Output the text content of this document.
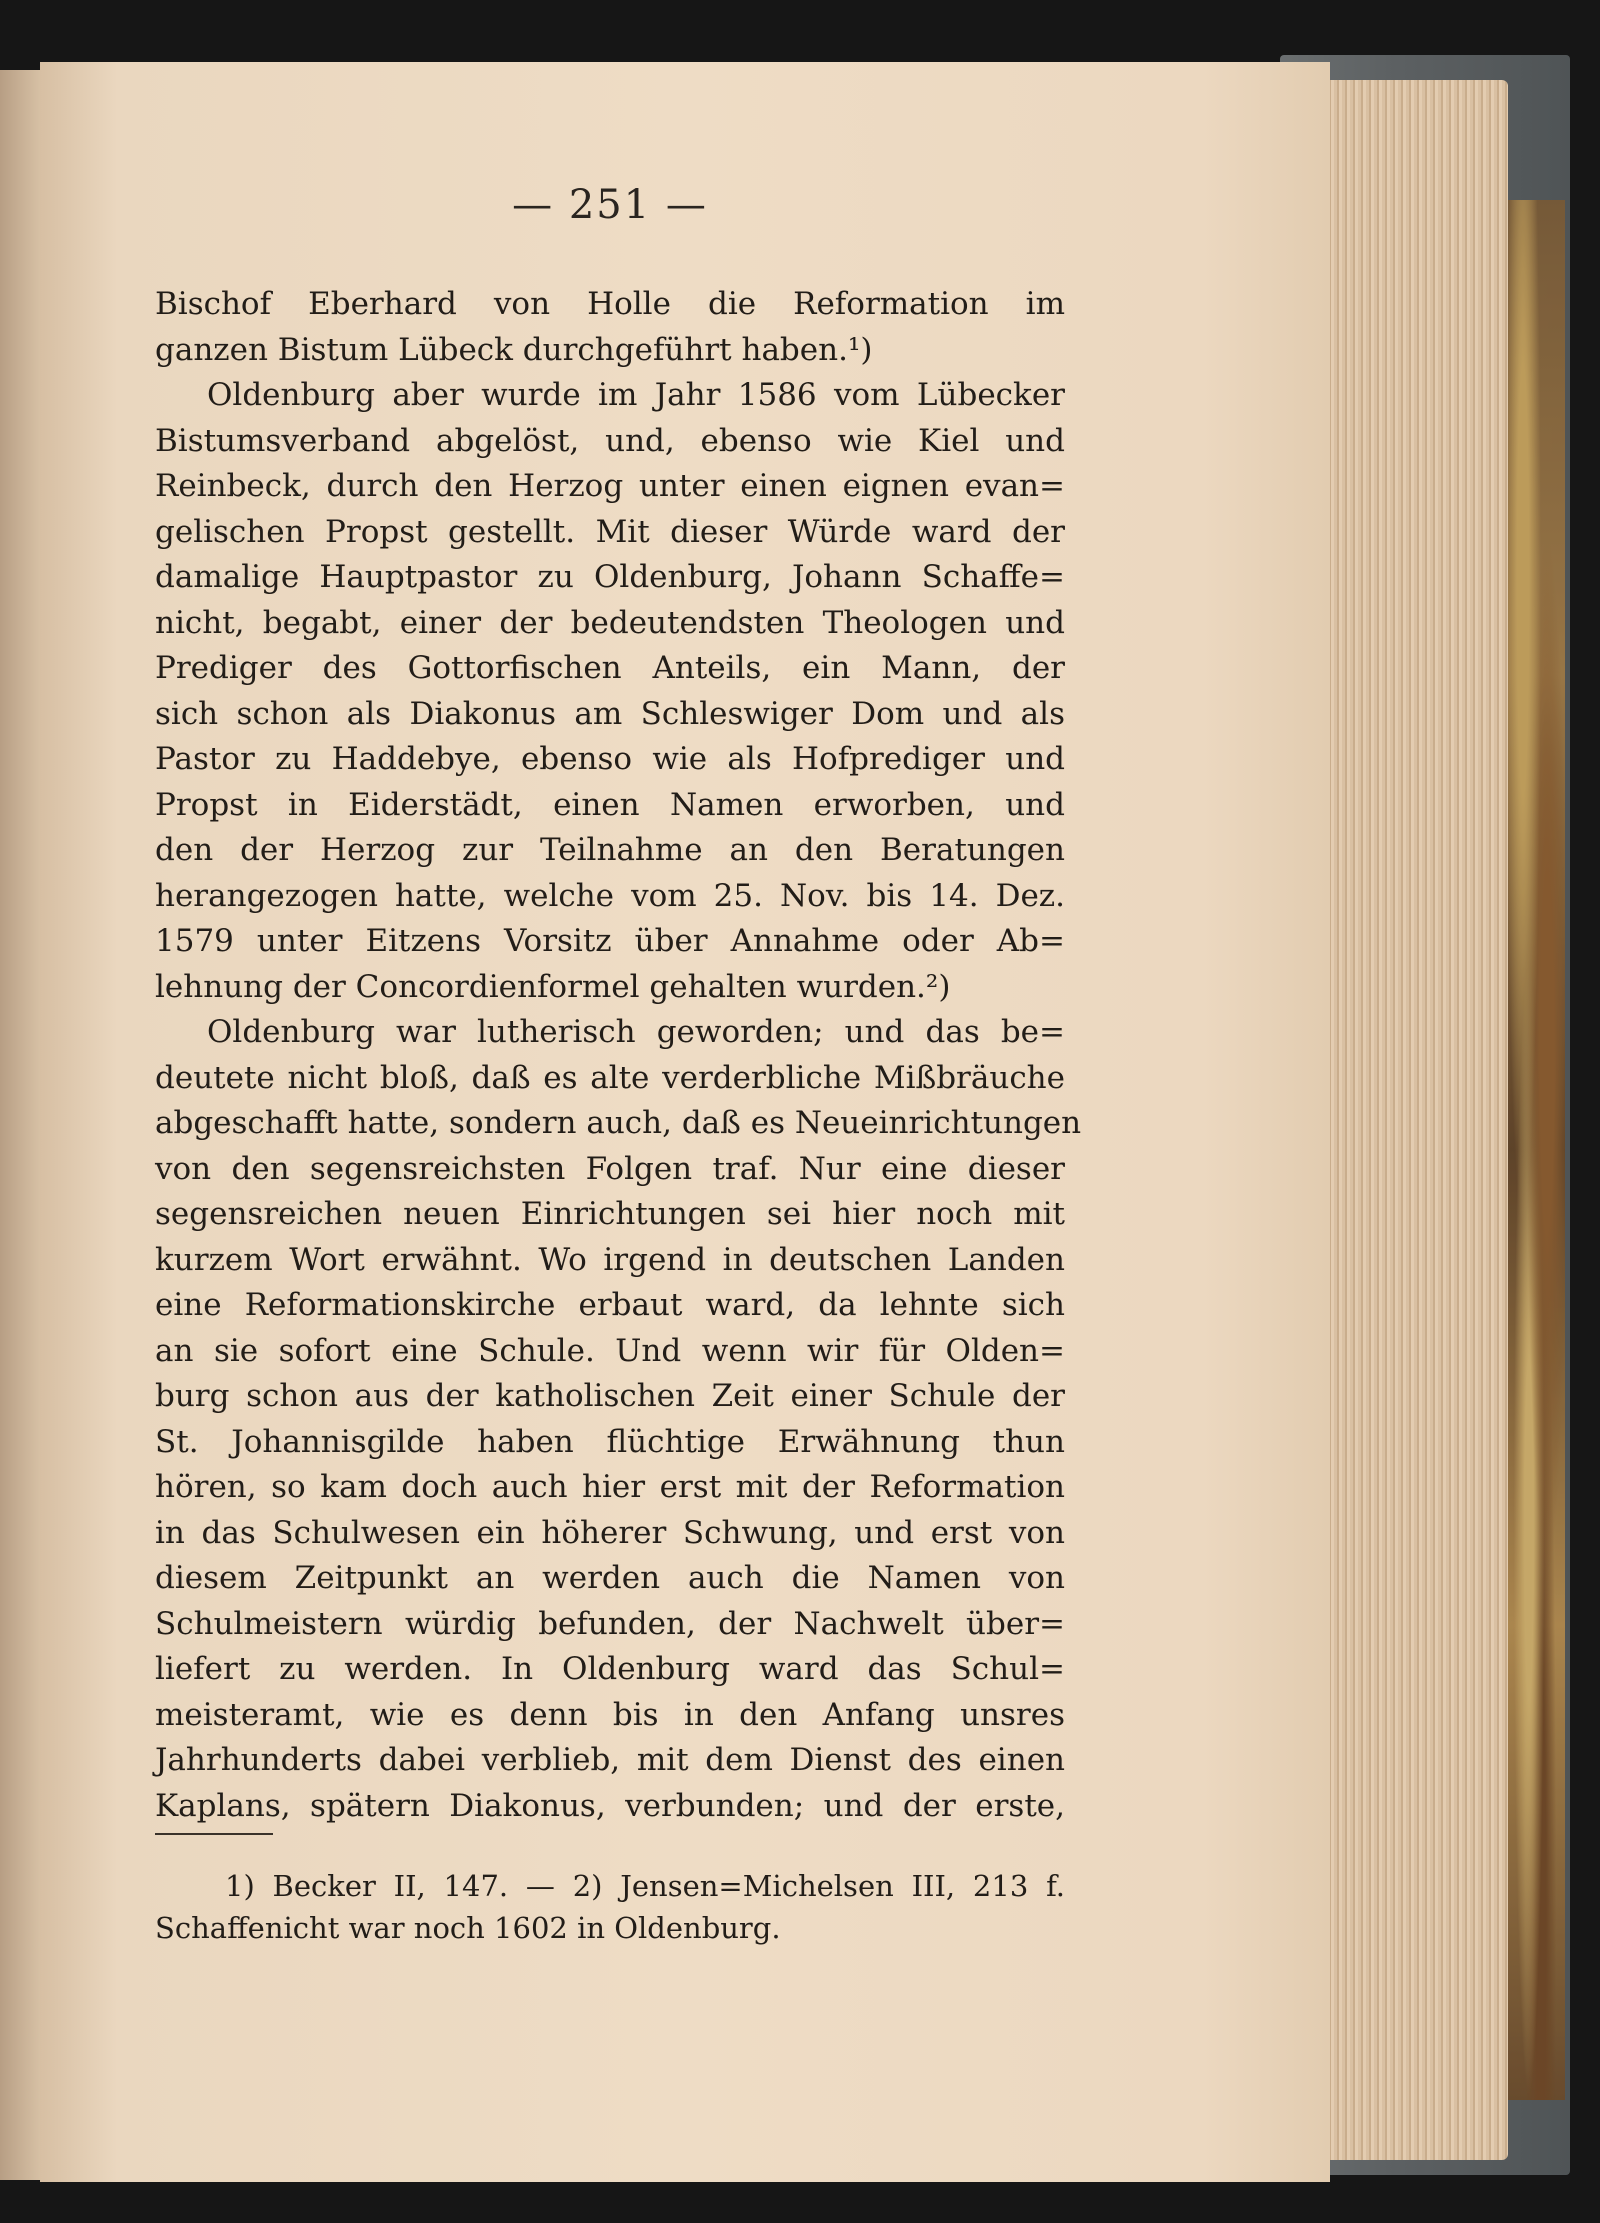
— 251 —
Bischof Eberhard von Holle die Reformation im
ganzen Bistum Lübeck durchgeführt haben.¹)
Oldenburg aber wurde im Jahr 1586 vom Lübecker
Bistumsverband abgelöst, und, ebenso wie Kiel und
Reinbeck, durch den Herzog unter einen eignen evan=
gelischen Propst gestellt. Mit dieser Würde ward der
damalige Hauptpastor zu Oldenburg, Johann Schaffe=
nicht, begabt, einer der bedeutendsten Theologen und
Prediger des Gottorfischen Anteils, ein Mann, der
sich schon als Diakonus am Schleswiger Dom und als
Pastor zu Haddebye, ebenso wie als Hofprediger und
Propst in Eiderstädt, einen Namen erworben, und
den der Herzog zur Teilnahme an den Beratungen
herangezogen hatte, welche vom 25. Nov. bis 14. Dez.
1579 unter Eitzens Vorsitz über Annahme oder Ab=
lehnung der Concordienformel gehalten wurden.²)
Oldenburg war lutherisch geworden; und das be=
deutete nicht bloß, daß es alte verderbliche Mißbräuche
abgeschafft hatte, sondern auch, daß es Neueinrichtungen
von den segensreichsten Folgen traf. Nur eine dieser
segensreichen neuen Einrichtungen sei hier noch mit
kurzem Wort erwähnt. Wo irgend in deutschen Landen
eine Reformationskirche erbaut ward, da lehnte sich
an sie sofort eine Schule. Und wenn wir für Olden=
burg schon aus der katholischen Zeit einer Schule der
St. Johannisgilde haben flüchtige Erwähnung thun
hören, so kam doch auch hier erst mit der Reformation
in das Schulwesen ein höherer Schwung, und erst von
diesem Zeitpunkt an werden auch die Namen von
Schulmeistern würdig befunden, der Nachwelt über=
liefert zu werden. In Oldenburg ward das Schul=
meisteramt, wie es denn bis in den Anfang unsres
Jahrhunderts dabei verblieb, mit dem Dienst des einen
Kaplans, spätern Diakonus, verbunden; und der erste,
1) Becker II, 147. — 2) Jensen=Michelsen III, 213 f.
Schaffenicht war noch 1602 in Oldenburg.
